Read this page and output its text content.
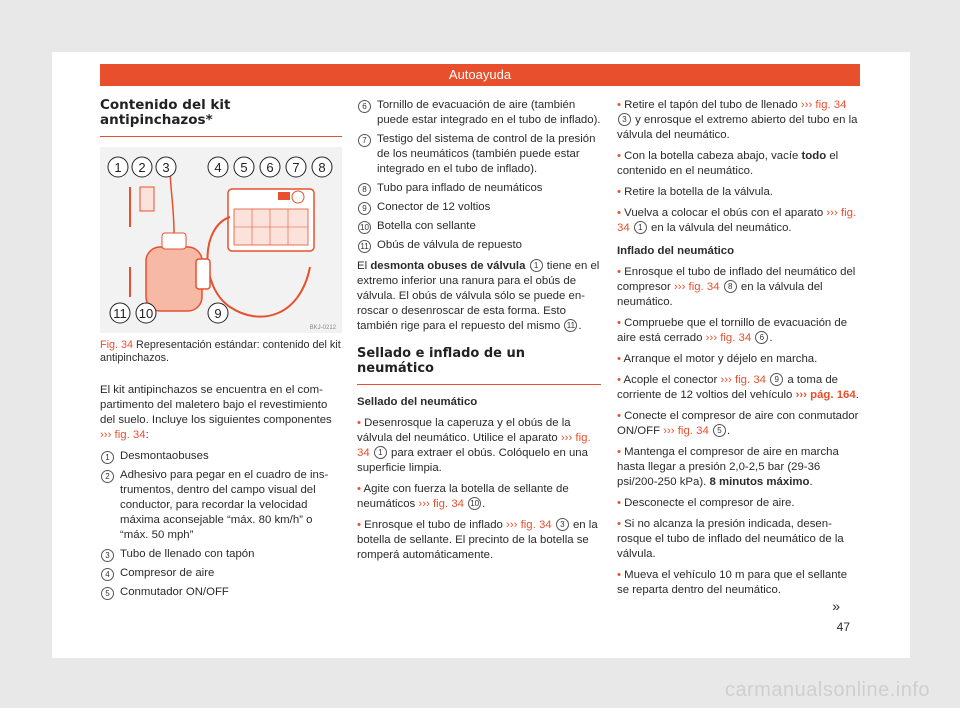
Autoayuda
Contenido del kit antipinchazos*
1 2 3	4 5 6 7 8
11 10	9
BKJ-0212
Fig. 34 Representación estándar: contenido del kit antipinchazos.

El kit antipinchazos se encuentra en el compartimento del maletero bajo el revestimiento del suelo. Incluye los siguientes componentes ››› fig. 34:

1 Desmontaobuses
2 Adhesivo para pegar en el cuadro de instrumentos, dentro del campo visual del conductor, para recordar la velocidad máxima aconsejable “máx. 80 km/h” o “máx. 50 mph”
3 Tubo de llenado con tapón
4 Compresor de aire
5 Conmutador ON/OFF
6 Tornillo de evacuación de aire (también puede estar integrado en el tubo de inflado).
7 Testigo del sistema de control de la presión de los neumáticos (también puede estar integrado en el tubo de inflado).
8 Tubo para inflado de neumáticos
9 Conector de 12 voltios
10 Botella con sellante
11 Obús de válvula de repuesto

El desmonta obuses de válvula 1 tiene en el extremo inferior una ranura para el obús de válvula. El obús de válvula sólo se puede enroscar o desenroscar de esta forma. Esto también rige para el repuesto del mismo 11 .

Sellado e inflado de un neumático
Sellado del neumático

• Desenrosque la caperuza y el obús de la válvula del neumático. Utilice el aparato ››› fig. 34 1 para extraer el obús. Colóquelo en una superficie limpia.

• Agite con fuerza la botella de sellante de neumáticos ››› fig. 34 10 .

• Enrosque el tubo de inflado ››› fig. 34 3 en la botella de sellante. El precinto de la botella se romperá automáticamente.

• Retire el tapón del tubo de llenado ››› fig. 34 3 y enrosque el extremo abierto del tubo en la válvula del neumático.

• Con la botella cabeza abajo, vacíe todo el contenido en el neumático.

• Retire la botella de la válvula.

• Vuelva a colocar el obús con el aparato ››› fig. 34 1 en la válvula del neumático.

Inflado del neumático

• Enrosque el tubo de inflado del neumático del compresor ››› fig. 34 8 en la válvula del neumático.

• Compruebe que el tornillo de evacuación de aire está cerrado ››› fig. 34 6 .

• Arranque el motor y déjelo en marcha.

• Acople el conector ››› fig. 34 9 a toma de corriente de 12 voltios del vehículo ››› pág. 164.

• Conecte el compresor de aire con conmutador ON/OFF ››› fig. 34 5 .

• Mantenga el compresor de aire en marcha hasta llegar a presión 2,0-2,5 bar (29-36 psi/200-250 kPa). 8 minutos máximo.

• Desconecte el compresor de aire.

• Si no alcanza la presión indicada, desenrosque el tubo de inflado del neumático de la válvula.

• Mueva el vehículo 10 m para que el sellante se reparta dentro del neumático.

»
47
carmanualsonline.info
